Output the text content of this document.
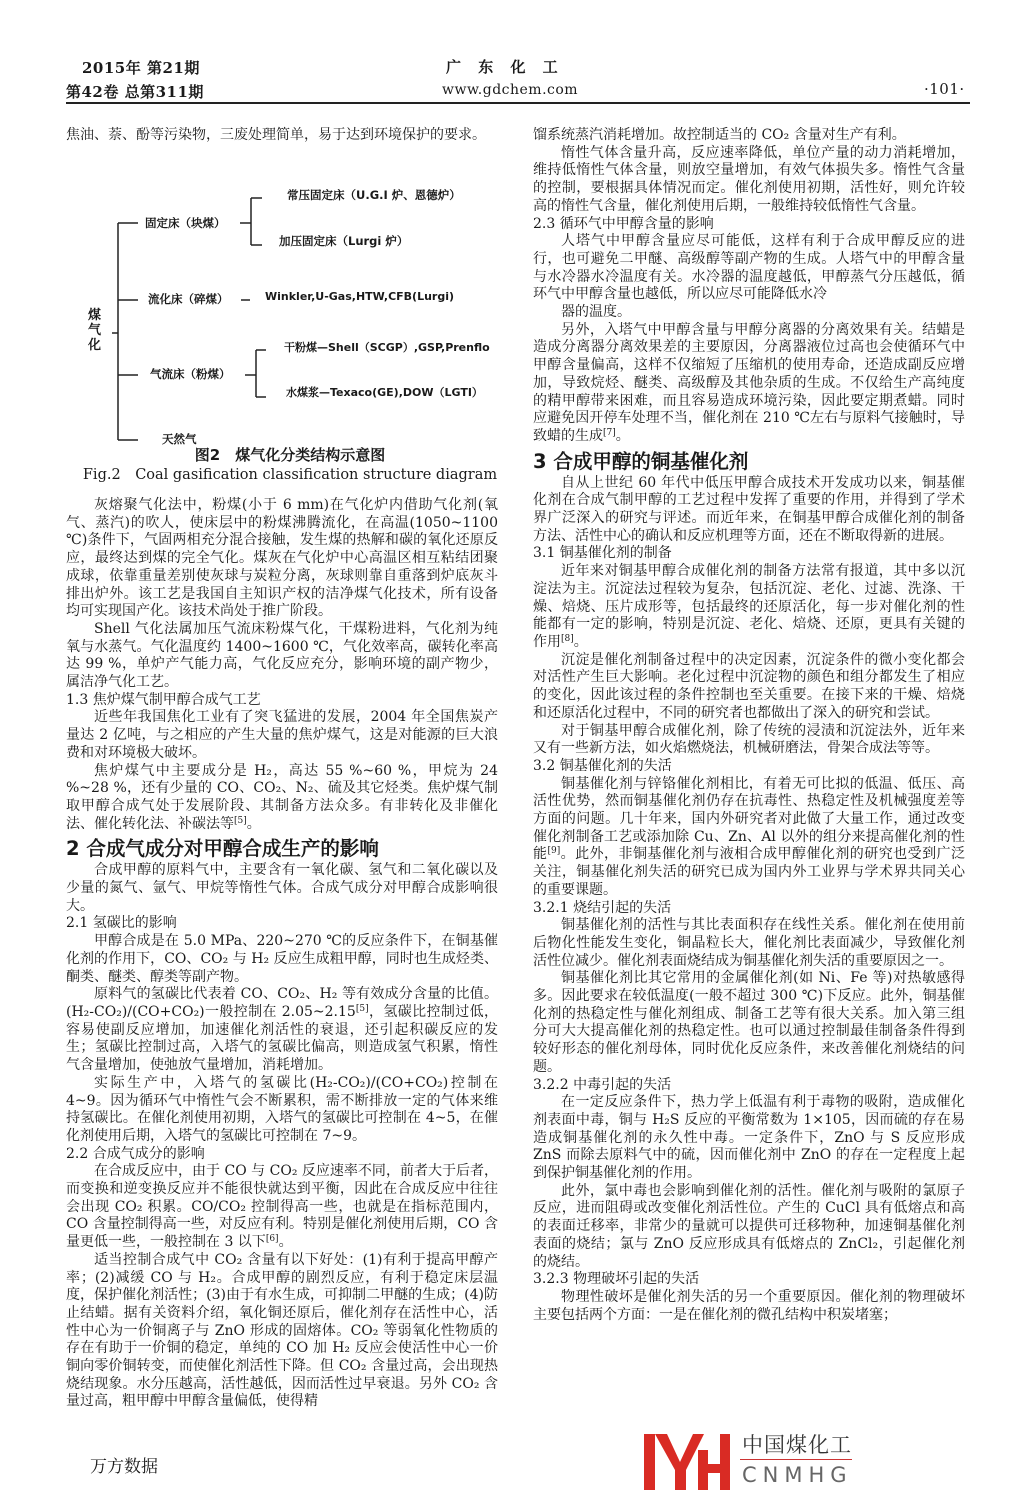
2015年 第21期
第42卷 总第311期
广 东 化 工
www.gdchem.com	·101·

焦油、萘、酚等污染物，三废处理简单，易于达到环境保护的要求。

煤气化
固定床（块煤）
流化床（碎煤）
气流床（粉煤）
天然气
常压固定床（U.G.I 炉、恩德炉）
加压固定床（Lurgi 炉）
Winkler,U-Gas,HTW,CFB(Lurgi)
干粉煤—Shell（SCGP）,GSP,Prenflo
水煤浆—Texaco(GE),DOW（LGTI）
图2　煤气化分类结构示意图
Fig.2　Coal gasification classification structure diagram

灰熔聚气化法中，粉煤(小于 6 mm)在气化炉内借助气化剂(氧气、蒸汽)的吹人，使床层中的粉煤沸腾流化，在高温(1050~1100 ℃)条件下，气固两相充分混合接触，发生煤的热解和碳的氧化还原反应，最终达到煤的完全气化。煤灰在气化炉中心高温区相互粘结团聚成球，依靠重量差别使灰球与炭粒分离，灰球则靠自重落到炉底灰斗排出炉外。该工艺是我国自主知识产权的洁净煤气化技术，所有设备均可实现国产化。该技术尚处于推广阶段。

Shell 气化法属加压气流床粉煤气化，干煤粉进料，气化剂为纯氧与水蒸气。气化温度约 1400~1600 ℃，气化效率高，碳转化率高达 99 %，单炉产气能力高，气化反应充分，影响环境的副产物少，属洁净气化工艺。

1.3 焦炉煤气制甲醇合成气工艺

近些年我国焦化工业有了突飞猛进的发展，2004 年全国焦炭产量达 2 亿吨，与之相应的产生大量的焦炉煤气，这是对能源的巨大浪费和对环境极大破坏。

焦炉煤气中主要成分是 H₂，高达 55 %~60 %，甲烷为 24 %~28 %，还有少量的 CO、CO₂、N₂、硫及其它烃类。焦炉煤气制取甲醇合成气处于发展阶段、其制备方法众多。有非转化及非催化法、催化转化法、补碳法等[5]。

2 合成气成分对甲醇合成生产的影响

合成甲醇的原料气中，主要含有一氧化碳、氢气和二氧化碳以及少量的氮气、氩气、甲烷等惰性气体。合成气成分对甲醇合成影响很大。

2.1 氢碳比的影响

甲醇合成是在 5.0 MPa、220~270 ℃的反应条件下，在铜基催化剂的作用下，CO、CO₂ 与 H₂ 反应生成粗甲醇，同时也生成烃类、酮类、醚类、醇类等副产物。

原料气的氢碳比代表着 CO、CO₂、H₂ 等有效成分含量的比值。(H₂-CO₂)/(CO+CO₂)一般控制在 2.05~2.15[5]，氢碳比控制过低，容易使副反应增加，加速催化剂活性的衰退，还引起积碳反应的发生；氢碳比控制过高，入塔气的氢碳比偏高，则造成氢气积累，惰性气含量增加，使弛放气量增加，消耗增加。

实际生产中，入塔气的氢碳比(H₂-CO₂)/(CO+CO₂)控制在 4~9。因为循环气中惰性气会不断累积，需不断排放一定的气体来维持氢碳比。在催化剂使用初期，入塔气的氢碳比可控制在 4~5，在催化剂使用后期，入塔气的氢碳比可控制在 7~9。

2.2 合成气成分的影响

在合成反应中，由于 CO 与 CO₂ 反应速率不同，前者大于后者，而变换和逆变换反应并不能很快就达到平衡，因此在合成反应中往往会出现 CO₂ 积累。CO/CO₂ 控制得高一些，也就是在指标范围内，CO 含量控制得高一些，对反应有利。特别是催化剂使用后期，CO 含量更低一些，一般控制在 3 以下[6]。

适当控制合成气中 CO₂ 含量有以下好处：(1)有利于提高甲醇产率；(2)减缓 CO 与 H₂。合成甲醇的剧烈反应，有利于稳定床层温度，保护催化剂活性；(3)由于有水生成，可抑制二甲醚的生成；(4)防止结蜡。据有关资料介绍，氧化铜还原后，催化剂存在活性中心，活性中心为一价铜离子与 ZnO 形成的固熔体。CO₂ 等弱氧化性物质的存在有助于一价铜的稳定，单纯的 CO 加 H₂ 反应会使活性中心一价铜向零价铜转变，而使催化剂活性下降。但 CO₂ 含量过高，会出现热烧结现象。水分压越高，活性越低，因而活性过早衰退。另外 CO₂ 含量过高，粗甲醇中甲醇含量偏低，使得精

馏系统蒸汽消耗增加。故控制适当的 CO₂ 含量对生产有利。

惰性气体含量升高，反应速率降低，单位产量的动力消耗增加，维持低惰性气体含量，则放空量增加，有效气体损失多。惰性气含量的控制，要根据具体情况而定。催化剂使用初期，活性好，则允许较高的惰性气含量，催化剂使用后期，一般维持较低惰性气含量。

2.3 循环气中甲醇含量的影响

人塔气中甲醇含量应尽可能低，这样有利于合成甲醇反应的进行，也可避免二甲醚、高级醇等副产物的生成。人塔气中的甲醇含量与水冷器水冷温度有关。水冷器的温度越低，甲醇蒸气分压越低，循环气中甲醇含量也越低，所以应尽可能降低水冷

器的温度。

另外，入塔气中甲醇含量与甲醇分离器的分离效果有关。结蜡是造成分离器分离效果差的主要原因，分离器液位过高也会使循环气中甲醇含量偏高，这样不仅缩短了压缩机的使用寿命，还造成副反应增加，导致烷烃、醚类、高级醇及其他杂质的生成。不仅给生产高纯度的精甲醇带来困难，而且容易造成环境污染，因此要定期煮蜡。同时应避免因开停车处理不当，催化剂在 210 ℃左右与原料气接触时，导致蜡的生成[7]。

3 合成甲醇的铜基催化剂

自从上世纪 60 年代中低压甲醇合成技术开发成功以来，铜基催化剂在合成气制甲醇的工艺过程中发挥了重要的作用，并得到了学术界广泛深入的研究与评述。而近年来，在铜基甲醇合成催化剂的制备方法、活性中心的确认和反应机理等方面，还在不断取得新的进展。

3.1 铜基催化剂的制备

近年来对铜基甲醇合成催化剂的制备方法常有报道，其中多以沉淀法为主。沉淀法过程较为复杂，包括沉淀、老化、过滤、洗涤、干燥、焙烧、压片成形等，包括最终的还原活化，每一步对催化剂的性能都有一定的影响，特别是沉淀、老化、焙烧、还原，更具有关键的作用[8]。

沉淀是催化剂制备过程中的决定因素，沉淀条件的微小变化都会对活性产生巨大影响。老化过程中沉淀物的颜色和组分都发生了相应的变化，因此该过程的条件控制也至关重要。在接下来的干燥、焙烧和还原活化过程中，不同的研究者也都做出了深入的研究和尝试。

对于铜基甲醇合成催化剂，除了传统的浸渍和沉淀法外，近年来又有一些新方法，如火焰燃烧法，机械研磨法，骨架合成法等等。

3.2 铜基催化剂的失活

铜基催化剂与锌铬催化剂相比，有着无可比拟的低温、低压、高活性优势，然而铜基催化剂仍存在抗毒性、热稳定性及机械强度差等方面的问题。几十年来，国内外研究者对此做了大量工作，通过改变催化剂制备工艺或添加除 Cu、Zn、Al 以外的组分来提高催化剂的性能[9]。此外，非铜基催化剂与液相合成甲醇催化剂的研究也受到广泛关注，铜基催化剂失活的研究已成为国内外工业界与学术界共同关心的重要课题。

3.2.1 烧结引起的失活

铜基催化剂的活性与其比表面积存在线性关系。催化剂在使用前后物化性能发生变化，铜晶粒长大，催化剂比表面减少，导致催化剂活性位减少。催化剂表面烧结成为铜基催化剂失活的重要原因之一。

铜基催化剂比其它常用的金属催化剂(如 Ni、Fe 等)对热敏感得多。因此要求在较低温度(一般不超过 300 ℃)下反应。此外，铜基催化剂的热稳定性与催化剂组成、制备工艺等有很大关系。加入第三组分可大大提高催化剂的热稳定性。也可以通过控制最佳制备条件得到较好形态的催化剂母体，同时优化反应条件，来改善催化剂烧结的问题。

3.2.2 中毒引起的失活

在一定反应条件下，热力学上低温有利于毒物的吸附，造成催化剂表面中毒，铜与 H₂S 反应的平衡常数为 1×105，因而硫的存在易造成铜基催化剂的永久性中毒。一定条件下，ZnO 与 S 反应形成 ZnS 而除去原料气中的硫，因而催化剂中 ZnO 的存在一定程度上起到保护铜基催化剂的作用。

此外，氯中毒也会影响到催化剂的活性。催化剂与吸附的氯原子反应，进而阻碍或改变催化剂活性位。产生的 CuCl 具有低熔点和高的表面迁移率，非常少的量就可以提供可迁移物种，加速铜基催化剂表面的烧结；氯与 ZnO 反应形成具有低熔点的 ZnCl₂，引起催化剂的烧结。

3.2.3 物理破坏引起的失活

物理性破坏是催化剂失活的另一个重要原因。催化剂的物理破坏主要包括两个方面：一是在催化剂的微孔结构中积炭堵塞；

中国煤化工
CNMHG
万方数据
